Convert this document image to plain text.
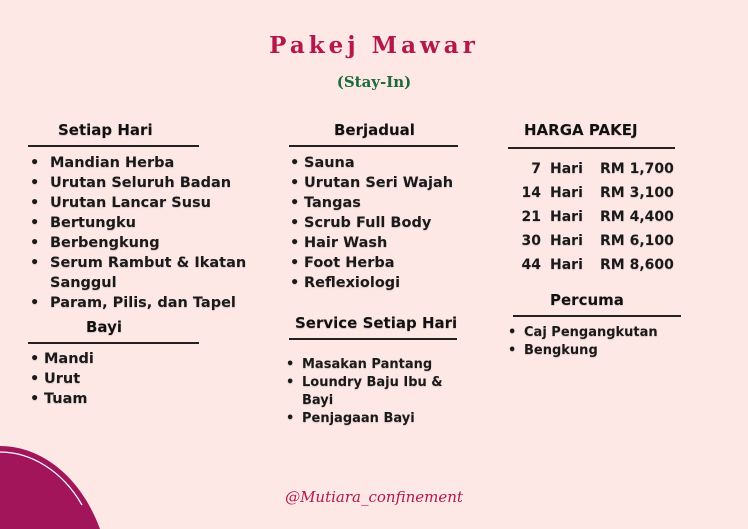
Pakej Mawar
(Stay-In)
Setiap Hari
• Mandian Herba
• Urutan Seluruh Badan
• Urutan Lancar Susu
• Bertungku
• Berbengkung
• Serum Rambut & Ikatan Sanggul
• Param, Pilis, dan Tapel
Bayi
• Mandi
• Urut
• Tuam
Berjadual
• Sauna
• Urutan Seri Wajah
• Tangas
• Scrub Full Body
• Hair Wash
• Foot Herba
• Reflexiologi
Service Setiap Hari
• Masakan Pantang
• Loundry Baju Ibu & Bayi
• Penjagaan Bayi
HARGA PAKEJ
7	Hari	RM 1,700
14	Hari	RM 3,100
21	Hari	RM 4,400
30	Hari	RM 6,100
44	Hari	RM 8,600
Percuma
• Caj Pengangkutan
• Bengkung
@Mutiara_confinement
